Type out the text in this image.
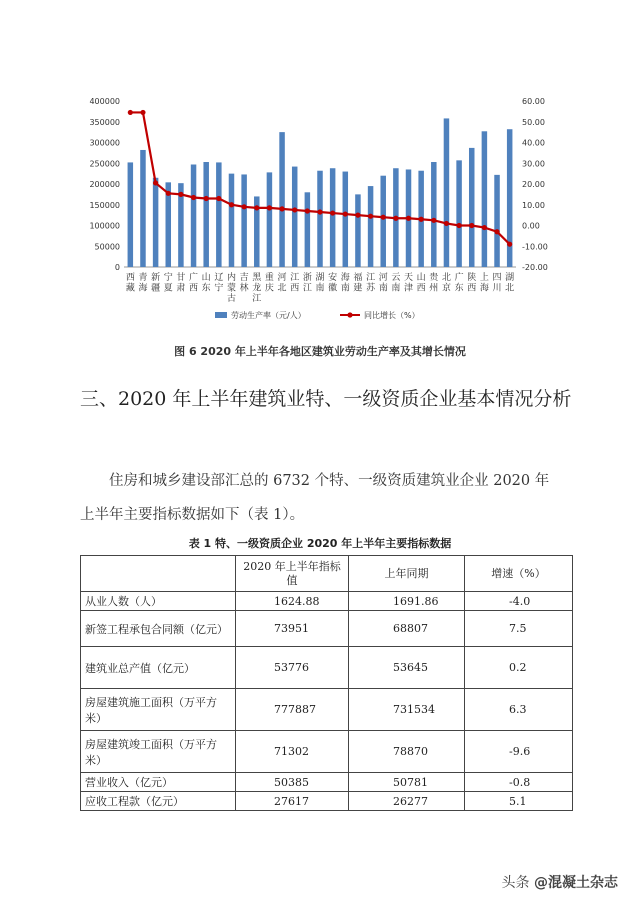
0
50000
100000
150000
200000
250000
300000
350000
400000
-20.00
-10.00
0.00
10.00
20.00
30.00
40.00
50.00
60.00
西藏
青海
新疆
宁夏
甘肃
广西
山东
辽宁
内蒙古
吉林
黑龙江
重庆
河北
江西
浙江
湖南
安徽
海南
福建
江苏
河南
云南
天津
山西
贵州
北京
广东
陕西
上海
四川
湖北
劳动生产率（元/人）	同比增长（%）
图 6 2020 年上半年各地区建筑业劳动生产率及其增长情况
三、2020 年上半年建筑业特、一级资质企业基本情况分析
住房和城乡建设部汇总的 6732 个特、一级资质建筑业企业 2020 年上半年主要指标数据如下（表 1）。
表 1 特、一级资质企业 2020 年上半年主要指标数据
	2020 年上半年指标值	上年同期	增速（%）
从业人数（人）	1624.88	1691.86	-4.0
新签工程承包合同额（亿元）	73951	68807	7.5
建筑业总产值（亿元）	53776	53645	0.2
房屋建筑施工面积（万平方米）	777887	731534	6.3
房屋建筑竣工面积（万平方米）	71302	78870	-9.6
营业收入（亿元）	50385	50781	-0.8
应收工程款（亿元）	27617	26277	5.1
头条 @混凝土杂志
